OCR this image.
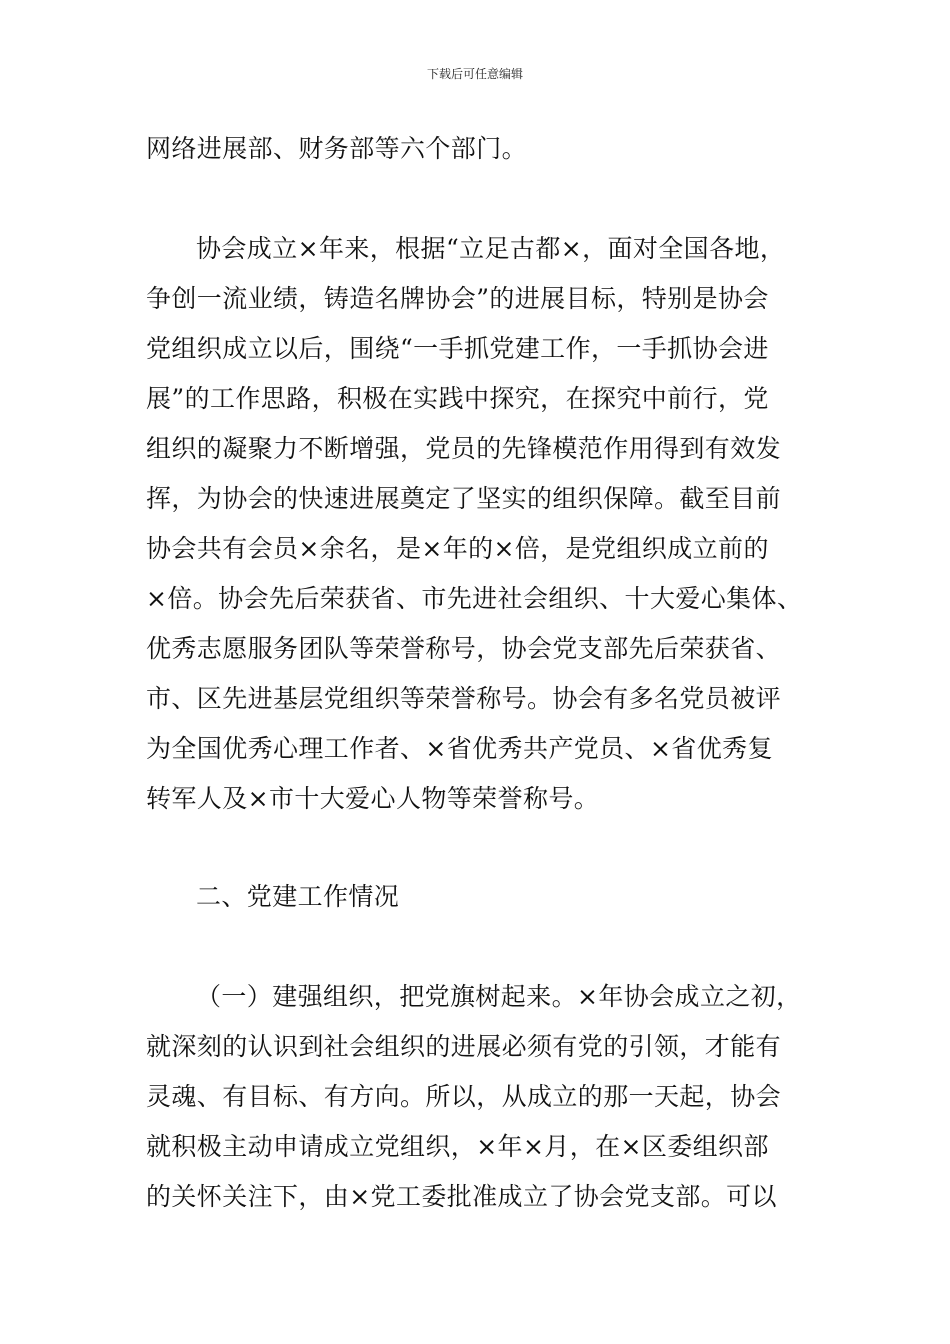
下载后可任意编辑
网络进展部、财务部等六个部门。
协会成立×年来，根据“立足古都×，面对全国各地，
争创一流业绩，铸造名牌协会”的进展目标，特别是协会
党组织成立以后，围绕“一手抓党建工作，一手抓协会进
展”的工作思路，积极在实践中探究，在探究中前行，党
组织的凝聚力不断增强，党员的先锋模范作用得到有效发
挥，为协会的快速进展奠定了坚实的组织保障。截至目前
协会共有会员×余名，是×年的×倍，是党组织成立前的
×倍。协会先后荣获省、市先进社会组织、十大爱心集体、
优秀志愿服务团队等荣誉称号，协会党支部先后荣获省、
市、区先进基层党组织等荣誉称号。协会有多名党员被评
为全国优秀心理工作者、×省优秀共产党员、×省优秀复
转军人及×市十大爱心人物等荣誉称号。
二、党建工作情况
（一）建强组织，把党旗树起来。×年协会成立之初，
就深刻的认识到社会组织的进展必须有党的引领，才能有
灵魂、有目标、有方向。所以，从成立的那一天起，协会
就积极主动申请成立党组织，×年×月，在×区委组织部
的关怀关注下，由×党工委批准成立了协会党支部。可以
